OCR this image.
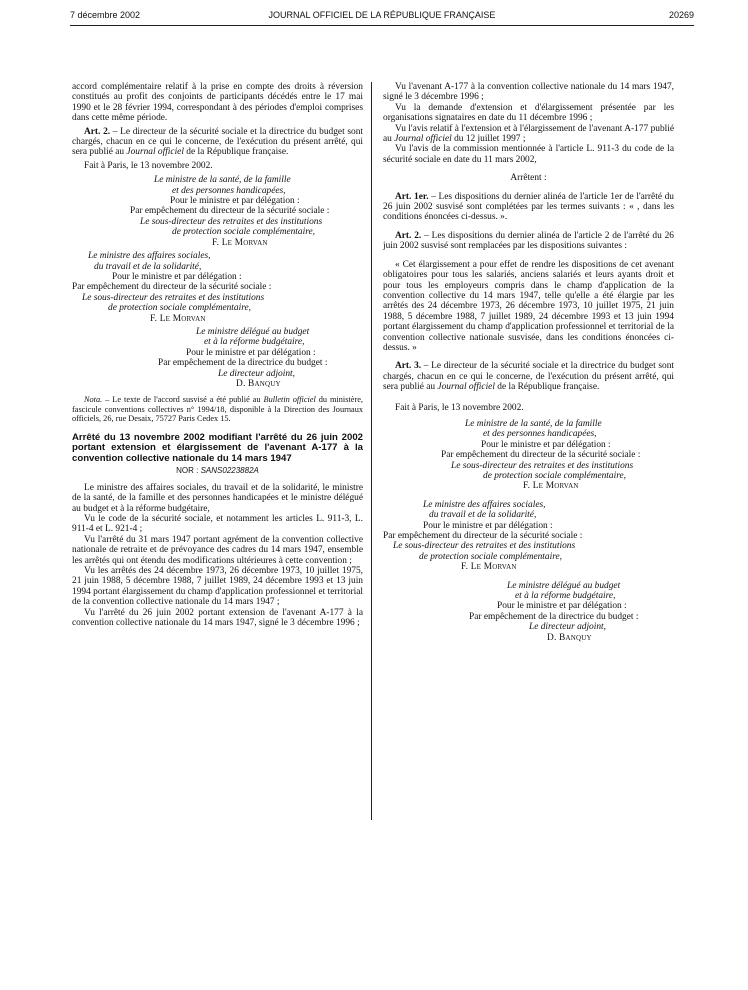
7 décembre 2002	JOURNAL OFFICIEL DE LA RÉPUBLIQUE FRANÇAISE	20269

accord complémentaire relatif à la prise en compte des droits à réversion constitués au profit des conjoints de participants décédés entre le 17 mai 1990 et le 28 février 1994, correspondant à des périodes d'emploi comprises dans cette même période.

Art. 2. – Le directeur de la sécurité sociale et la directrice du budget sont chargés, chacun en ce qui le concerne, de l'exécution du présent arrêté, qui sera publié au Journal officiel de la République française.

Fait à Paris, le 13 novembre 2002.

Le ministre de la santé, de la famille

et des personnes handicapées,

Pour le ministre et par délégation :

Par empêchement du directeur de la sécurité sociale :

Le sous-directeur des retraites et des institutions

de protection sociale complémentaire,

F. Le Morvan

Le ministre des affaires sociales,

du travail et de la solidarité,

Pour le ministre et par délégation :

Par empêchement du directeur de la sécurité sociale :

Le sous-directeur des retraites et des institutions

de protection sociale complémentaire,

F. Le Morvan

Le ministre délégué au budget

et à la réforme budgétaire,

Pour le ministre et par délégation :

Par empêchement de la directrice du budget :

Le directeur adjoint,

D. Banquy

Nota. – Le texte de l'accord susvisé a été publié au Bulletin officiel du ministère, fascicule conventions collectives n° 1994/18, disponible à la Direction des Journaux officiels, 26, rue Desaix, 75727 Paris Cedex 15.

Arrêté du 13 novembre 2002 modifiant l'arrêté du 26 juin 2002 portant extension et élargissement de l'avenant A-177 à la convention collective nationale du 14 mars 1947

NOR : SANS0223882A

Le ministre des affaires sociales, du travail et de la solidarité, le ministre de la santé, de la famille et des personnes handicapées et le ministre délégué au budget et à la réforme budgétaire,

Vu le code de la sécurité sociale, et notamment les articles L. 911-3, L. 911-4 et L. 921-4 ;

Vu l'arrêté du 31 mars 1947 portant agrément de la convention collective nationale de retraite et de prévoyance des cadres du 14 mars 1947, ensemble les arrêtés qui ont étendu des modifications ultérieures à cette convention ;

Vu les arrêtés des 24 décembre 1973, 26 décembre 1973, 10 juillet 1975, 21 juin 1988, 5 décembre 1988, 7 juillet 1989, 24 décembre 1993 et 13 juin 1994 portant élargissement du champ d'application professionnel et territorial de la convention collective nationale du 14 mars 1947 ;

Vu l'arrêté du 26 juin 2002 portant extension de l'avenant A-177 à la convention collective nationale du 14 mars 1947, signé le 3 décembre 1996 ;

Vu l'avenant A-177 à la convention collective nationale du 14 mars 1947, signé le 3 décembre 1996 ;

Vu la demande d'extension et d'élargissement présentée par les organisations signataires en date du 11 décembre 1996 ;

Vu l'avis relatif à l'extension et à l'élargissement de l'avenant A-177 publié au Journal officiel du 12 juillet 1997 ;

Vu l'avis de la commission mentionnée à l'article L. 911-3 du code de la sécurité sociale en date du 11 mars 2002,

Arrêtent :

Art. 1er. – Les dispositions du dernier alinéa de l'article 1er de l'arrêté du 26 juin 2002 susvisé sont complétées par les termes suivants : « , dans les conditions énoncées ci-dessus. ».

Art. 2. – Les dispositions du dernier alinéa de l'article 2 de l'arrêté du 26 juin 2002 susvisé sont remplacées par les dispositions suivantes :

« Cet élargissement a pour effet de rendre les dispositions de cet avenant obligatoires pour tous les salariés, anciens salariés et leurs ayants droit et pour tous les employeurs compris dans le champ d'application de la convention collective du 14 mars 1947, telle qu'elle a été élargie par les arrêtés des 24 décembre 1973, 26 décembre 1973, 10 juillet 1975, 21 juin 1988, 5 décembre 1988, 7 juillet 1989, 24 décembre 1993 et 13 juin 1994 portant élargissement du champ d'application professionnel et territorial de la convention collective nationale susvisée, dans les conditions énoncées ci-dessus. »

Art. 3. – Le directeur de la sécurité sociale et la directrice du budget sont chargés, chacun en ce qui le concerne, de l'exécution du présent arrêté, qui sera publié au Journal officiel de la République française.

Fait à Paris, le 13 novembre 2002.

Le ministre de la santé, de la famille

et des personnes handicapées,

Pour le ministre et par délégation :

Par empêchement du directeur de la sécurité sociale :

Le sous-directeur des retraites et des institutions

de protection sociale complémentaire,

F. Le Morvan

Le ministre des affaires sociales,

du travail et de la solidarité,

Pour le ministre et par délégation :

Par empêchement du directeur de la sécurité sociale :

Le sous-directeur des retraites et des institutions

de protection sociale complémentaire,

F. Le Morvan

Le ministre délégué au budget

et à la réforme budgétaire,

Pour le ministre et par délégation :

Par empêchement de la directrice du budget :

Le directeur adjoint,

D. Banquy
